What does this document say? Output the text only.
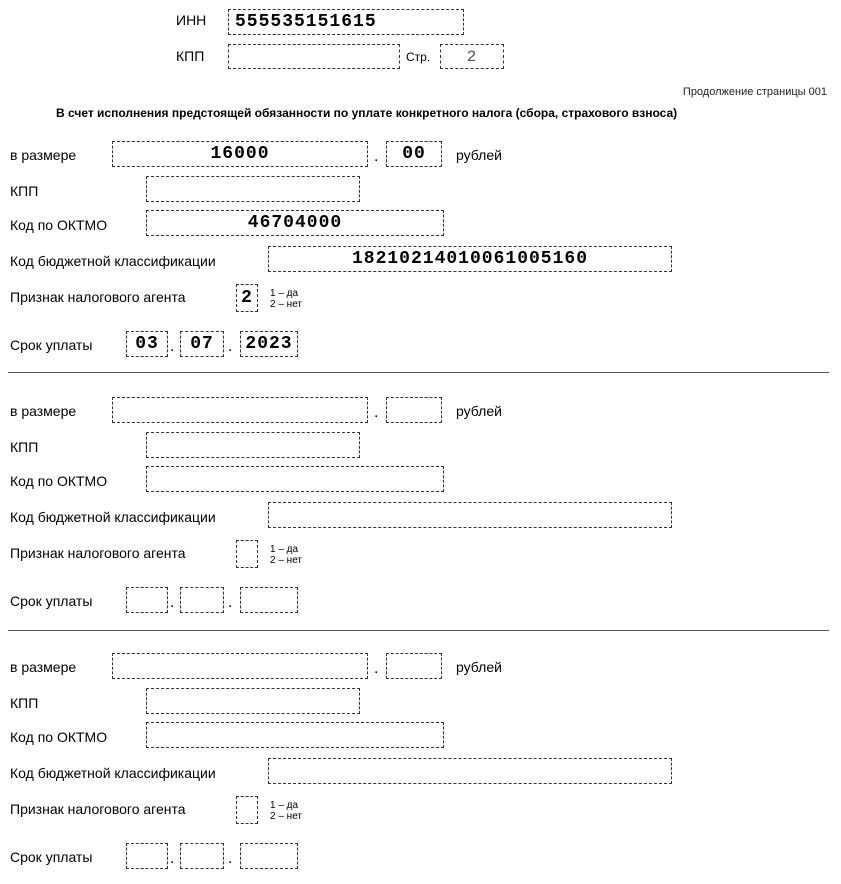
ИНН	555535151615
КПП	Стр.	2
Продолжение страницы 001
В счет исполнения предстоящей обязанности по уплате конкретного налога (сбора, страхового взноса)
в размере	16000	.	00	рублей
КПП
Код по ОКТМО	46704000
Код бюджетной классификации	18210214010061005160
Признак налогового агента	2	1 – да
2 – нет
Срок уплаты	03 . 07 . 2023
в размере	.	рублей
КПП
Код по ОКТМО
Код бюджетной классификации
Признак налогового агента	1 – да
2 – нет
Срок уплаты	.	.
в размере	.	рублей
КПП
Код по ОКТМО
Код бюджетной классификации
Признак налогового агента	1 – да
2 – нет
Срок уплаты	.	.
